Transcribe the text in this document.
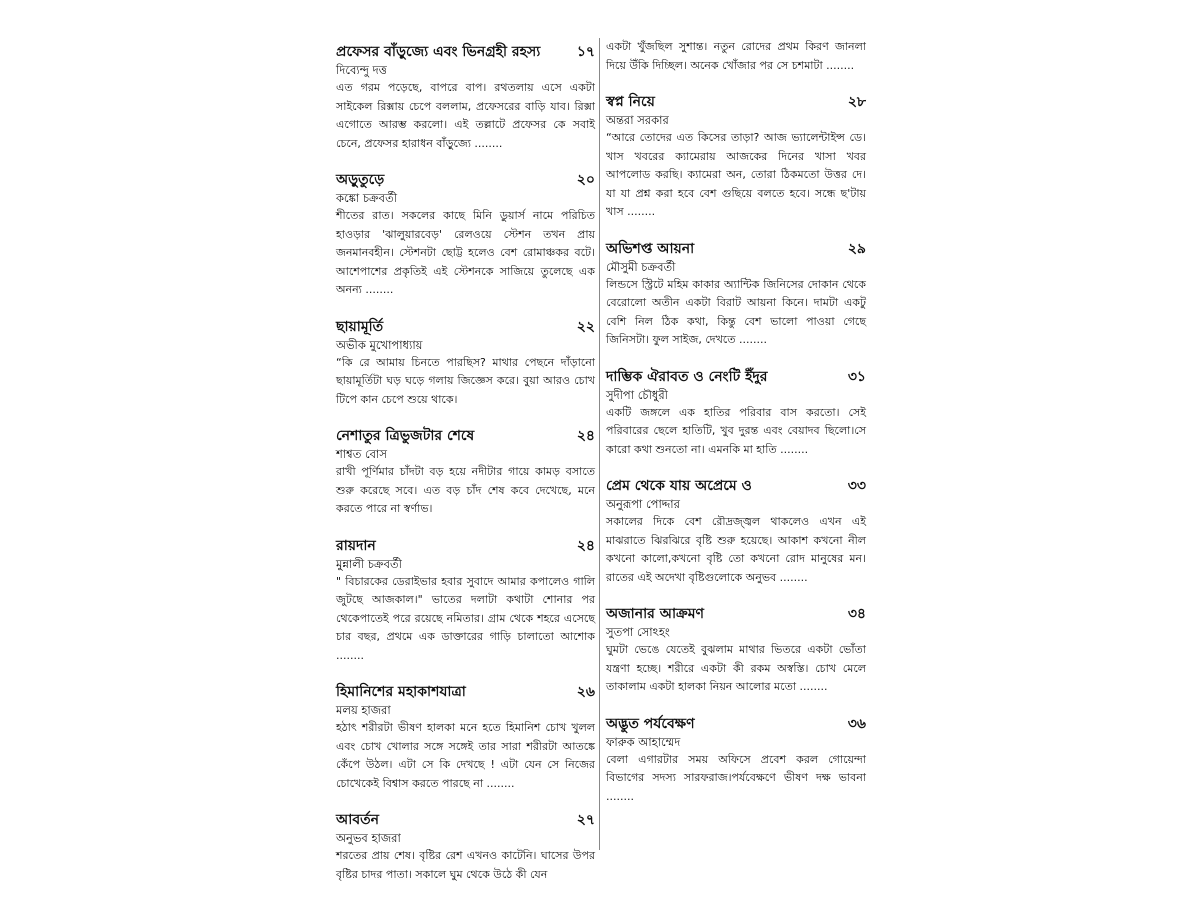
প্রফেসর বাঁড়ুজ্যে এবং ভিনগ্রহী রহস্য	১৭
দিব্যেন্দু দত্ত
এত গরম পড়েছে, বাপরে বাপ। রথতলায় এসে একটা সাইকেল রিক্সায় চেপে বললাম, প্রফেসরের বাড়ি যাব। রিক্সা এগোতে আরম্ভ করলো। এই তল্লাটে প্রফেসর কে সবাই চেনে, প্রফেসর হারাধন বাঁড়ুজ্যে ........
অড়ুতুড়ে	২০
কঙ্কো চক্রবর্তী
শীতের রাত। সকলের কাছে মিনি ডুয়ার্স নামে পরিচিত হাওড়ার 'ঝালুয়ারবেড়' রেলওয়ে স্টেশন তখন প্রায় জনমানবহীন। স্টেশনটা ছোট্ট হলেও বেশ রোমাঞ্চকর বটে। আশেপাশের প্রকৃতিই এই স্টেশনকে সাজিয়ে তুলেছে এক অনন্য ........
ছায়ামূর্তি	২২
অভীক মুখোপাধ্যায়
“কি রে আমায় চিনতে পারছিস? মাথার পেছনে দাঁড়ানো ছায়ামূর্তিটা ঘড় ঘড়ে গলায় জিজ্ঞেস করে। বুয়া আরও চোখ টিপে কান চেপে শুয়ে থাকে।
নেশাতুর ত্রিভুজটার শেষে	২৪
শাশ্বত বোস
রাখী পূর্ণিমার চাঁদটা বড় হয়ে নদীটার গায়ে কামড় বসাতে শুরু করেছে সবে। এত বড় চাঁদ শেষ কবে দেখেছে, মনে করতে পারে না স্বর্ণাভ।
রায়দান	২৪
মুন্নালী চক্রবর্তী
" বিচারকের ডেরাইভার হবার সুবাদে আমার কপালেও গালি জুটছে আজকাল।" ভাতের দলাটা কথাটা শোনার পর থেকেপাতেই পরে রয়েছে নমিতার। গ্রাম থেকে শহরে এসেছে চার বছর, প্রথমে এক ডাক্তারের গাড়ি চালাতো আশোক ........
হিমানিশের মহাকাশযাত্রা	২৬
মলয় হাজরা
হঠাৎ শরীরটা ভীষণ হালকা মনে হতে হিমানিশ চোখ খুলল এবং চোখ খোলার সঙ্গে সঙ্গেই তার সারা শরীরটা আতঙ্কে কেঁপে উঠল। এটা সে কি দেখছে ! এটা যেন সে নিজের চোখেকেই বিশ্বাস করতে পারছে না ........
আবর্তন	২৭
অনুভব হাজরা
শরতের প্রায় শেষ। বৃষ্টির রেশ এখনও কাটেনি। ঘাসের উপর বৃষ্টির চাদর পাতা। সকালে ঘুম থেকে উঠে কী যেন
একটা খুঁজছিল সুশান্ত। নতুন রোদের প্রথম কিরণ জানলা দিয়ে উঁকি দিচ্ছিল। অনেক খোঁজার পর সে চশমাটা ........
স্বপ্ন নিয়ে	২৮
অন্তরা সরকার
“আরে তোদের এত কিসের তাড়া? আজ ভ্যালেন্টাইন্স ডে।খাস খবরের ক্যামেরায় আজকের দিনের খাসা খবর আপলোড করছি। ক্যামেরা অন, তোরা ঠিকমতো উত্তর দে। যা যা প্রশ্ন করা হবে বেশ গুছিয়ে বলতে হবে। সন্ধে ছ'টায় খাস ........
অভিশপ্ত আয়না	২৯
মৌসুমী চক্রবর্তী
লিন্ডসে স্ট্রিটে মহিম কাকার অ্যান্টিক জিনিসের দোকান থেকে বেরোলো অতীন একটা বিরাট আয়না কিনে। দামটা একটু বেশি নিল ঠিক কথা, কিন্তু বেশ ভালো পাওয়া গেছে জিনিসটা। ফুল সাইজ, দেখতে ........
দাম্ভিক ঐরাবত ও নেংটি ইঁদুর	৩১
সুদীপা চৌধুরী
একটি জঙ্গলে এক হাতির পরিবার বাস করতো। সেই পরিবারের ছেলে হাতিটি, খুব দুরন্ত এবং বেয়াদব ছিলো।সে কারো কথা শুনতো না। এমনকি মা হাতি ........
প্রেম থেকে যায় অপ্রেমে ও	৩৩
অনুরূপা পোদ্দার
সকালের দিকে বেশ রৌদ্রজ্জ্বল থাকলেও এখন এই মাঝরাতে ঝিরঝিরে বৃষ্টি শুরু হয়েছে। আকাশ কখনো নীল কখনো কালো,কখনো বৃষ্টি তো কখনো রোদ মানুষের মন। রাতের এই অদেখা বৃষ্টিগুলোকে অনুভব ........
অজানার আক্রমণ	৩৪
সুতপা সোঽহং
ঘুমটা ভেঙে যেতেই বুঝলাম মাথার ভিতরে একটা ভোঁতা যন্ত্রণা হচ্ছে। শরীরে একটা কী রকম অস্বস্তি। চোখ মেলে তাকালাম একটা হালকা নিয়ন আলোর মতো ........
অদ্ভুত পর্যবেক্ষণ	৩৬
ফারুক আহাম্মেদ
বেলা এগারটার সময় অফিসে প্রবেশ করল গোয়েন্দা বিভাগের সদস্য সারফরাজ।পর্যবেক্ষণে ভীষণ দক্ষ ভাবনা ........
